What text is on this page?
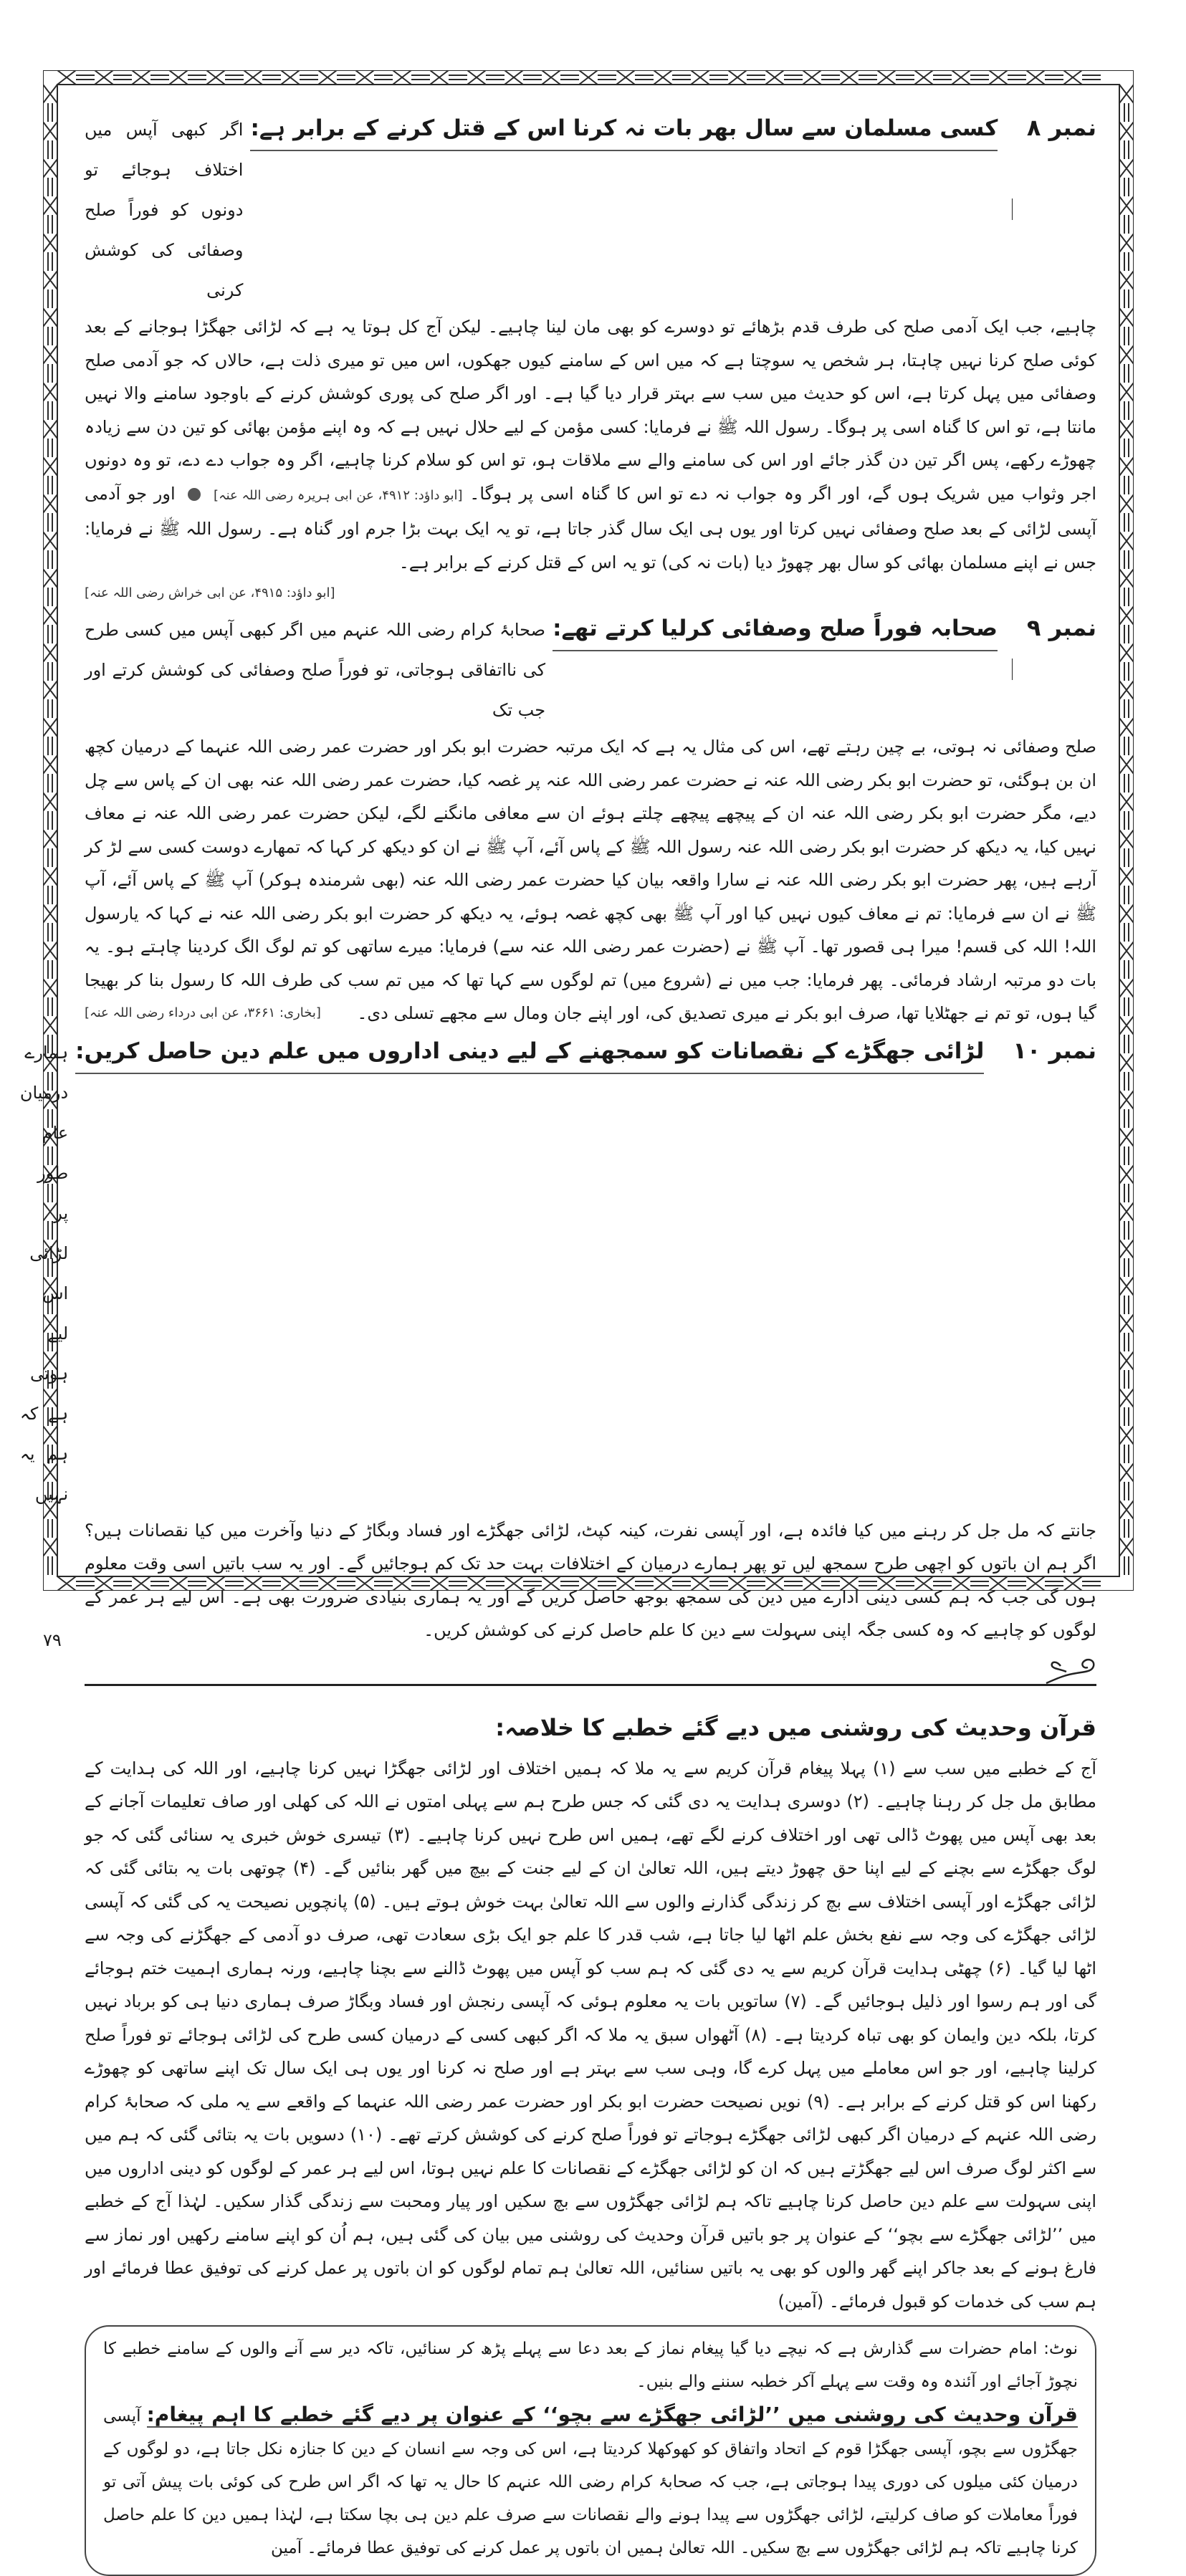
نمبر ۸
کسی مسلمان سے سال بھر بات نہ کرنا اس کے قتل کرنے کے برابر ہے:
اگر کبھی آپس میں اختلاف ہوجائے تو دونوں کو فوراً صلح وصفائی کی کوشش کرنی

چاہیے، جب ایک آدمی صلح کی طرف قدم بڑھائے تو دوسرے کو بھی مان لینا چاہیے۔ لیکن آج کل ہوتا یہ ہے کہ لڑائی جھگڑا ہوجانے کے بعد کوئی صلح کرنا نہیں چاہتا، ہر شخص یہ سوچتا ہے کہ میں اس کے سامنے کیوں جھکوں، اس میں تو میری ذلت ہے، حالاں کہ جو آدمی صلح وصفائی میں پہل کرتا ہے، اس کو حدیث میں سب سے بہتر قرار دیا گیا ہے۔ اور اگر صلح کی پوری کوشش کرنے کے باوجود سامنے والا نہیں مانتا ہے، تو اس کا گناہ اسی پر ہوگا۔ رسول اللہ ﷺ نے فرمایا: کسی مؤمن کے لیے حلال نہیں ہے کہ وہ اپنے مؤمن بھائی کو تین دن سے زیادہ چھوڑے رکھے، پس اگر تین دن گذر جائے اور اس کی سامنے والے سے ملاقات ہو، تو اس کو سلام کرنا چاہیے، اگر وہ جواب دے دے، تو وہ دونوں اجر وثواب میں شریک ہوں گے، اور اگر وہ جواب نہ دے تو اس کا گناہ اسی پر ہوگا۔ [ابو داؤد: ۴۹۱۲، عن ابی ہریرہ رضی اللہ عنہ]  اور جو آدمی آپسی لڑائی کے بعد صلح وصفائی نہیں کرتا اور یوں ہی ایک سال گذر جاتا ہے، تو یہ ایک بہت بڑا جرم اور گناہ ہے۔ رسول اللہ ﷺ نے فرمایا: جس نے اپنے مسلمان بھائی کو سال بھر چھوڑ دیا (بات نہ کی) تو یہ اس کے قتل کرنے کے برابر ہے۔

[ابو داؤد: ۴۹۱۵، عن ابی خراش رضی اللہ عنہ]
نمبر ۹
صحابہ فوراً صلح وصفائی کرلیا کرتے تھے:
صحابۂ کرام رضی اللہ عنہم میں اگر کبھی آپس میں کسی طرح کی نااتفاقی ہوجاتی، تو فوراً صلح وصفائی کی کوشش کرتے اور جب تک

صلح وصفائی نہ ہوتی، بے چین رہتے تھے، اس کی مثال یہ ہے کہ ایک مرتبہ حضرت ابو بکر اور حضرت عمر رضی اللہ عنہما کے درمیان کچھ ان بن ہوگئی، تو حضرت ابو بکر رضی اللہ عنہ نے حضرت عمر رضی اللہ عنہ پر غصہ کیا، حضرت عمر رضی اللہ عنہ بھی ان کے پاس سے چل دیے، مگر حضرت ابو بکر رضی اللہ عنہ ان کے پیچھے پیچھے چلتے ہوئے ان سے معافی مانگنے لگے، لیکن حضرت عمر رضی اللہ عنہ نے معاف نہیں کیا، یہ دیکھ کر حضرت ابو بکر رضی اللہ عنہ رسول اللہ ﷺ کے پاس آئے، آپ ﷺ نے ان کو دیکھ کر کہا کہ تمھارے دوست کسی سے لڑ کر آرہے ہیں، پھر حضرت ابو بکر رضی اللہ عنہ نے سارا واقعہ بیان کیا حضرت عمر رضی اللہ عنہ (بھی شرمندہ ہوکر) آپ ﷺ کے پاس آئے، آپ ﷺ نے ان سے فرمایا: تم نے معاف کیوں نہیں کیا اور آپ ﷺ بھی کچھ غصہ ہوئے، یہ دیکھ کر حضرت ابو بکر رضی اللہ عنہ نے کہا کہ یارسول اللہ! اللہ کی قسم! میرا ہی قصور تھا۔ آپ ﷺ نے (حضرت عمر رضی اللہ عنہ سے) فرمایا: میرے ساتھی کو تم لوگ الگ کردینا چاہتے ہو۔ یہ بات دو مرتبہ ارشاد فرمائی۔ پھر فرمایا: جب میں نے (شروع میں) تم لوگوں سے کہا تھا کہ میں تم سب کی طرف اللہ کا رسول بنا کر بھیجا گیا ہوں، تو تم نے جھٹلایا تھا، صرف ابو بکر نے میری تصدیق کی، اور اپنے جان ومال سے مجھے تسلی دی۔
[بخاری: ۳۶۶۱، عن ابی درداء رضی اللہ عنہ]

نمبر ۱۰
لڑائی جھگڑے کے نقصانات کو سمجھنے کے لیے دینی اداروں میں علم دین حاصل کریں:
ہمارے درمیان عام طور پر لڑائی اس لیے ہوتی ہے کہ ہم یہ نہیں

جانتے کہ مل جل کر رہنے میں کیا فائدہ ہے، اور آپسی نفرت، کینہ کپٹ، لڑائی جھگڑے اور فساد وبگاڑ کے دنیا وآخرت میں کیا نقصانات ہیں؟ اگر ہم ان باتوں کو اچھی طرح سمجھ لیں تو پھر ہمارے درمیان کے اختلافات بہت حد تک کم ہوجائیں گے۔ اور یہ سب باتیں اسی وقت معلوم ہوں گی جب کہ ہم کسی دینی ادارے میں دین کی سمجھ بوجھ حاصل کریں گے اور یہ ہماری بنیادی ضرورت بھی ہے۔ اس لیے ہر عمر کے لوگوں کو چاہیے کہ وہ کسی جگہ اپنی سہولت سے دین کا علم حاصل کرنے کی کوشش کریں۔

قرآن وحدیث کی روشنی میں دیے گئے خطبے کا خلاصہ:

آج کے خطبے میں سب سے (۱) پہلا پیغام قرآن کریم سے یہ ملا کہ ہمیں اختلاف اور لڑائی جھگڑا نہیں کرنا چاہیے، اور اللہ کی ہدایت کے مطابق مل جل کر رہنا چاہیے۔ (۲) دوسری ہدایت یہ دی گئی کہ جس طرح ہم سے پہلی امتوں نے اللہ کی کھلی اور صاف تعلیمات آجانے کے بعد بھی آپس میں پھوٹ ڈالی تھی اور اختلاف کرنے لگے تھے، ہمیں اس طرح نہیں کرنا چاہیے۔ (۳) تیسری خوش خبری یہ سنائی گئی کہ جو لوگ جھگڑے سے بچنے کے لیے اپنا حق چھوڑ دیتے ہیں، اللہ تعالیٰ ان کے لیے جنت کے بیچ میں گھر بنائیں گے۔ (۴) چوتھی بات یہ بتائی گئی کہ لڑائی جھگڑے اور آپسی اختلاف سے بچ کر زندگی گذارنے والوں سے اللہ تعالیٰ بہت خوش ہوتے ہیں۔ (۵) پانچویں نصیحت یہ کی گئی کہ آپسی لڑائی جھگڑے کی وجہ سے نفع بخش علم اٹھا لیا جاتا ہے، شب قدر کا علم جو ایک بڑی سعادت تھی، صرف دو آدمی کے جھگڑنے کی وجہ سے اٹھا لیا گیا۔ (۶) چھٹی ہدایت قرآن کریم سے یہ دی گئی کہ ہم سب کو آپس میں پھوٹ ڈالنے سے بچنا چاہیے، ورنہ ہماری اہمیت ختم ہوجائے گی اور ہم رسوا اور ذلیل ہوجائیں گے۔ (۷) ساتویں بات یہ معلوم ہوئی کہ آپسی رنجش اور فساد وبگاڑ صرف ہماری دنیا ہی کو برباد نہیں کرتا، بلکہ دین وایمان کو بھی تباہ کردیتا ہے۔ (۸) آٹھواں سبق یہ ملا کہ اگر کبھی کسی کے درمیان کسی طرح کی لڑائی ہوجائے تو فوراً صلح کرلینا چاہیے، اور جو اس معاملے میں پہل کرے گا، وہی سب سے بہتر ہے اور صلح نہ کرنا اور یوں ہی ایک سال تک اپنے ساتھی کو چھوڑے رکھنا اس کو قتل کرنے کے برابر ہے۔ (۹) نویں نصیحت حضرت ابو بکر اور حضرت عمر رضی اللہ عنہما کے واقعے سے یہ ملی کہ صحابۂ کرام رضی اللہ عنہم کے درمیان اگر کبھی لڑائی جھگڑے ہوجاتے تو فوراً صلح کرنے کی کوشش کرتے تھے۔ (۱۰) دسویں بات یہ بتائی گئی کہ ہم میں سے اکثر لوگ صرف اس لیے جھگڑتے ہیں کہ ان کو لڑائی جھگڑے کے نقصانات کا علم نہیں ہوتا، اس لیے ہر عمر کے لوگوں کو دینی اداروں میں اپنی سہولت سے علم دین حاصل کرنا چاہیے تاکہ ہم لڑائی جھگڑوں سے بچ سکیں اور پیار ومحبت سے زندگی گذار سکیں۔ لہٰذا آج کے خطبے میں ’’لڑائی جھگڑے سے بچو‘‘ کے عنوان پر جو باتیں قرآن وحدیث کی روشنی میں بیان کی گئی ہیں، ہم اُن کو اپنے سامنے رکھیں اور نماز سے فارغ ہونے کے بعد جاکر اپنے گھر والوں کو بھی یہ باتیں سنائیں، اللہ تعالیٰ ہم تمام لوگوں کو ان باتوں پر عمل کرنے کی توفیق عطا فرمائے اور ہم سب کی خدمات کو قبول فرمائے۔ (آمین)

نوٹ: امام حضرات سے گذارش ہے کہ نیچے دیا گیا پیغام نماز کے بعد دعا سے پہلے پڑھ کر سنائیں، تاکہ دیر سے آنے والوں کے سامنے خطبے کا نچوڑ آجائے اور آئندہ وہ وقت سے پہلے آکر خطبہ سننے والے بنیں۔

قرآن وحدیث کی روشنی میں ’’لڑائی جھگڑے سے بچو‘‘ کے عنوان پر دیے گئے خطبے کا اہم پیغام: آپسی جھگڑوں سے بچو، آپسی جھگڑا قوم کے اتحاد واتفاق کو کھوکھلا کردیتا ہے، اس کی وجہ سے انسان کے دین کا جنازہ نکل جاتا ہے، دو لوگوں کے درمیان کئی میلوں کی دوری پیدا ہوجاتی ہے، جب کہ صحابۂ کرام رضی اللہ عنہم کا حال یہ تھا کہ اگر اس طرح کی کوئی بات پیش آتی تو فوراً معاملات کو صاف کرلیتے، لڑائی جھگڑوں سے پیدا ہونے والے نقصانات سے صرف علم دین ہی بچا سکتا ہے، لہٰذا ہمیں دین کا علم حاصل کرنا چاہیے تاکہ ہم لڑائی جھگڑوں سے بچ سکیں۔ اللہ تعالیٰ ہمیں ان باتوں پر عمل کرنے کی توفیق عطا فرمائے۔ آمین

۷۹
